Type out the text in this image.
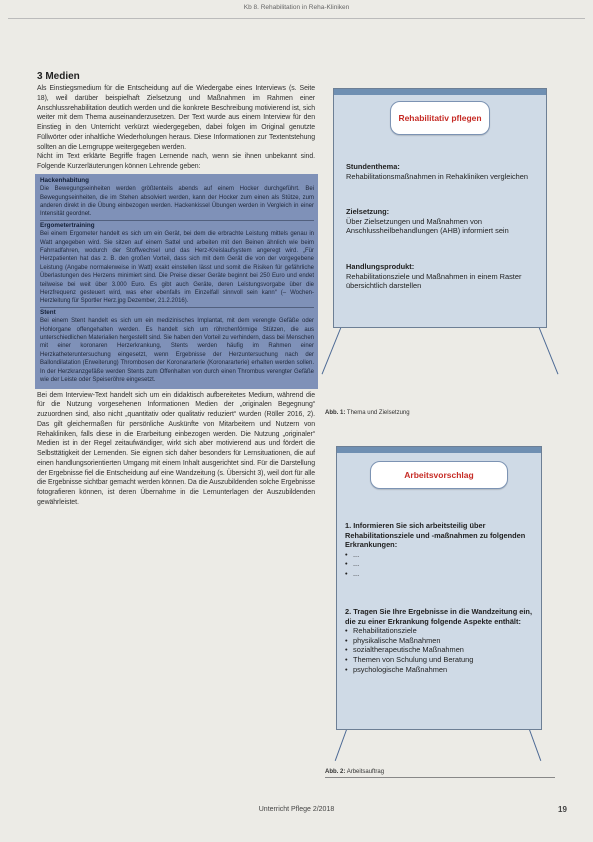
Kb 8. Rehabilitation in Reha-Kliniken
3 Medien

Als Einstiegsmedium für die Entscheidung auf die Wiedergabe eines Interviews (s. Seite 18), weil darüber beispielhaft Zielsetzung und Maßnahmen im Rahmen einer Anschlussrehabilitation deutlich werden und die konkrete Beschreibung motivierend ist, sich weiter mit dem Thema auseinanderzusetzen. Der Text wurde aus einem Interview für den Einstieg in den Unterricht verkürzt wiedergegeben, dabei folgen im Original genutzte Füllwörter oder inhaltliche Wiederholungen heraus. Diese Informationen zur Textentstehung sollten an die Lerngruppe weitergegeben werden.

Nicht im Text erklärte Begriffe fragen Lernende nach, wenn sie ihnen unbekannt sind. Folgende Kurzerläuterungen können Lehrende geben:

Hackenhabitung

Die Bewegungseinheiten werden größtenteils abends auf einem Hocker durchgeführt. Bei Bewegungseinheiten, die im Stehen absolviert werden, kann der Hocker zum einen als Stütze, zum anderen direkt in die Übung einbezogen werden. Hackenkissel Übungen werden in Vergleich in einer Intensität geordnet.

Ergometertraining

Bei einem Ergometer handelt es sich um ein Gerät, bei dem die erbrachte Leistung mittels genau in Watt angegeben wird. Sie sitzen auf einem Sattel und arbeiten mit den Beinen ähnlich wie beim Fahrradfahren, wodurch der Stoffwechsel und das Herz-Kreislaufsystem angeregt wird. „Für Herzpatienten hat das z. B. den großen Vorteil, dass sich mit dem Gerät die von der vorgegebene Leistung (Angabe normalerweise in Watt) exakt einstellen lässt und somit die Risiken für gefährliche Überlastungen des Herzens minimiert sind. Die Preise dieser Geräte beginnt bei 250 Euro und endet teilweise bei weit über 3.000 Euro. Es gibt auch Geräte, deren Leistungsvorgabe über die Herzfrequenz gesteuert wird, was eher ebenfalls im Einzelfall sinnvoll sein kann“ (– Wochen-Herzleitung für Sportler Herz.jpg Dezember, 21.2.2016).

Stent

Bei einem Stent handelt es sich um ein medizinisches Implantat, mit dem verengte Gefäße oder Hohlorgane offengehalten werden. Es handelt sich um röhrchenförmige Stützen, die aus unterschiedlichen Materialien hergestellt sind. Sie haben den Vorteil zu verhindern, dass bei Menschen mit einer koronaren Herzerkrankung, Stents werden häufig im Rahmen einer Herzkatheteruntersuchung eingesetzt, wenn Ergebnisse der Herzuntersuchung nach der Ballondilatation (Erweiterung) Thrombosen der Koronararterie (Koronararterie) erhalten werden sollen. In der Herzkranzgefäße werden Stents zum Offenhalten von durch einen Thrombus verengter Gefäße wie der Leiste oder Speiseröhre eingesetzt.

Bei dem Interview-Text handelt sich um ein didaktisch aufbereitetes Medium, während die für die Nutzung vorgesehenen Informationen Medien der „originalen Begegnung“ zuzuordnen sind, also nicht „quantitativ oder qualitativ reduziert“ wurden (Röller 2016, 2). Das gilt gleichermaßen für persönliche Auskünfte von Mitarbeitern und Nutzern von Rehakliniken, falls diese in die Erarbeitung einbezogen werden. Die Nutzung „originaler“ Medien ist in der Regel zeitaufwändiger, wirkt sich aber motivierend aus und fördert die Selbsttätigkeit der Lernenden. Sie eignen sich daher besonders für Lernsituationen, die auf einen handlungsorientierten Umgang mit einem Inhalt ausgerichtet sind. Für die Darstellung der Ergebnisse fiel die Entscheidung auf eine Wandzeitung (s. Übersicht 3), weil dort für alle die Ergebnisse sichtbar gemacht werden können. Da die Auszubildenden solche Ergebnisse fotografieren können, ist deren Übernahme in die Lernunterlagen der Auszubildenden gewährleistet.

Rehabilitativ pflegen
Stundenthema:
Rehabilitationsmaßnahmen in Rehakliniken vergleichen
Zielsetzung:
Über Zielsetzungen und Maßnahmen von Anschlussheilbehandlungen (AHB) informiert sein
Handlungsprodukt:
Rehabilitationsziele und Maßnahmen in einem Raster übersichtlich darstellen
Abb. 1: Thema und Zielsetzung
Arbeitsvorschlag
1. Informieren Sie sich arbeitsteilig über Rehabilitationsziele und -maßnahmen zu folgenden Erkrankungen:
• ...
• ...
• ...
2. Tragen Sie Ihre Ergebnisse in die Wandzeitung ein, die zu einer Erkrankung folgende Aspekte enthält:
• Rehabilitationsziele
• physikalische Maßnahmen
• sozialtherapeutische Maßnahmen
• Themen von Schulung und Beratung
• psychologische Maßnahmen
Abb. 2: Arbeitsauftrag
Unterricht Pflege 2/2018	19
